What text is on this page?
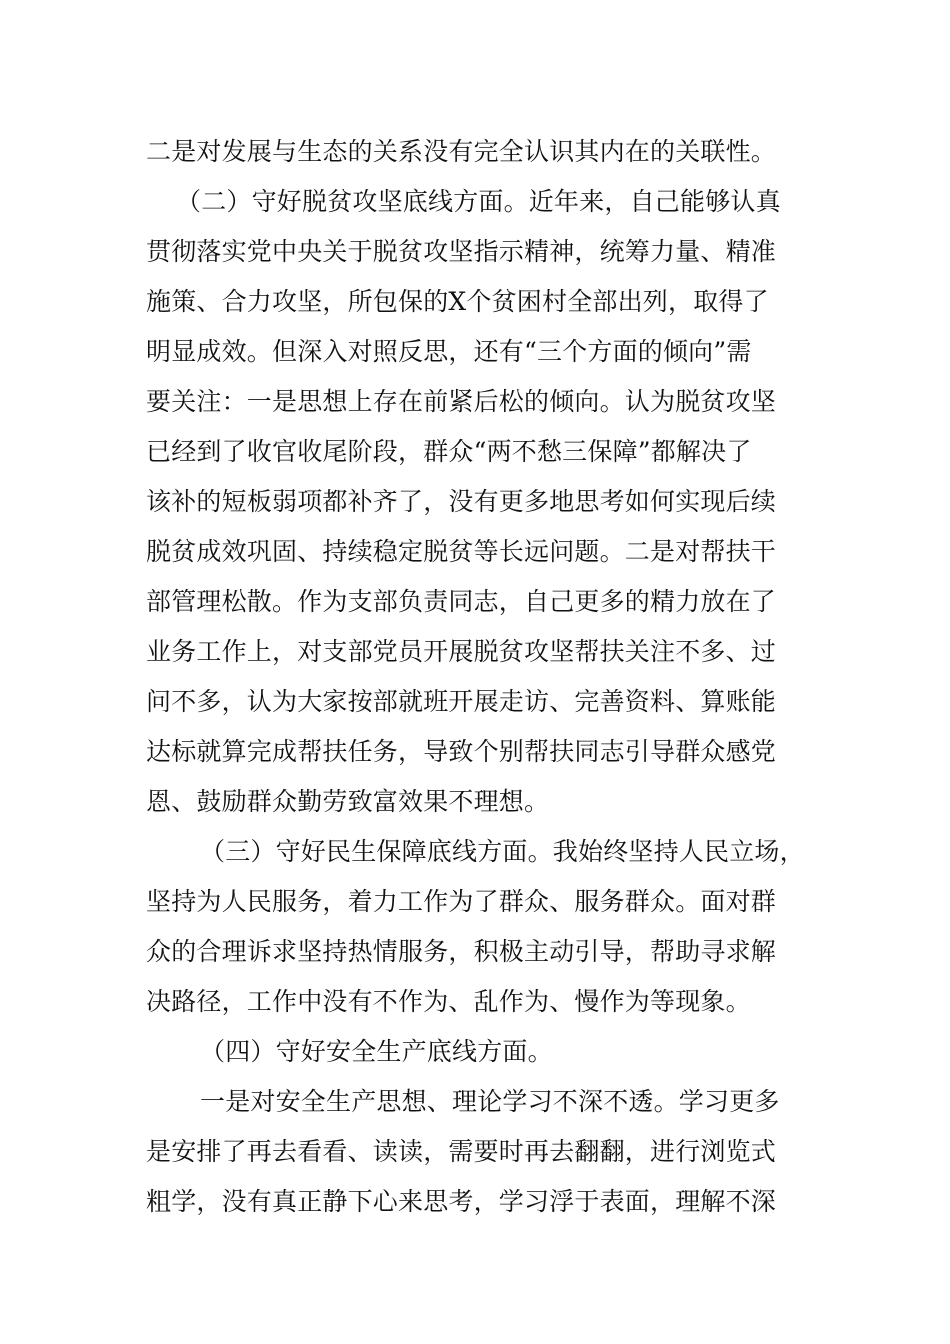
二是对发展与生态的关系没有完全认识其内在的关联性。
（二）守好脱贫攻坚底线方面。近年来，自己能够认真
贯彻落实党中央关于脱贫攻坚指示精神，统筹力量、精准
施策、合力攻坚，所包保的X个贫困村全部出列，取得了
明显成效。但深入对照反思，还有“三个方面的倾向”需
要关注：一是思想上存在前紧后松的倾向。认为脱贫攻坚
已经到了收官收尾阶段，群众“两不愁三保障”都解决了
该补的短板弱项都补齐了，没有更多地思考如何实现后续
脱贫成效巩固、持续稳定脱贫等长远问题。二是对帮扶干
部管理松散。作为支部负责同志，自己更多的精力放在了
业务工作上，对支部党员开展脱贫攻坚帮扶关注不多、过
问不多，认为大家按部就班开展走访、完善资料、算账能
达标就算完成帮扶任务，导致个别帮扶同志引导群众感党
恩、鼓励群众勤劳致富效果不理想。
（三）守好民生保障底线方面。我始终坚持人民立场，
坚持为人民服务，着力工作为了群众、服务群众。面对群
众的合理诉求坚持热情服务，积极主动引导，帮助寻求解
决路径，工作中没有不作为、乱作为、慢作为等现象。
（四）守好安全生产底线方面。
一是对安全生产思想、理论学习不深不透。学习更多
是安排了再去看看、读读，需要时再去翻翻，进行浏览式
粗学，没有真正静下心来思考，学习浮于表面，理解不深
